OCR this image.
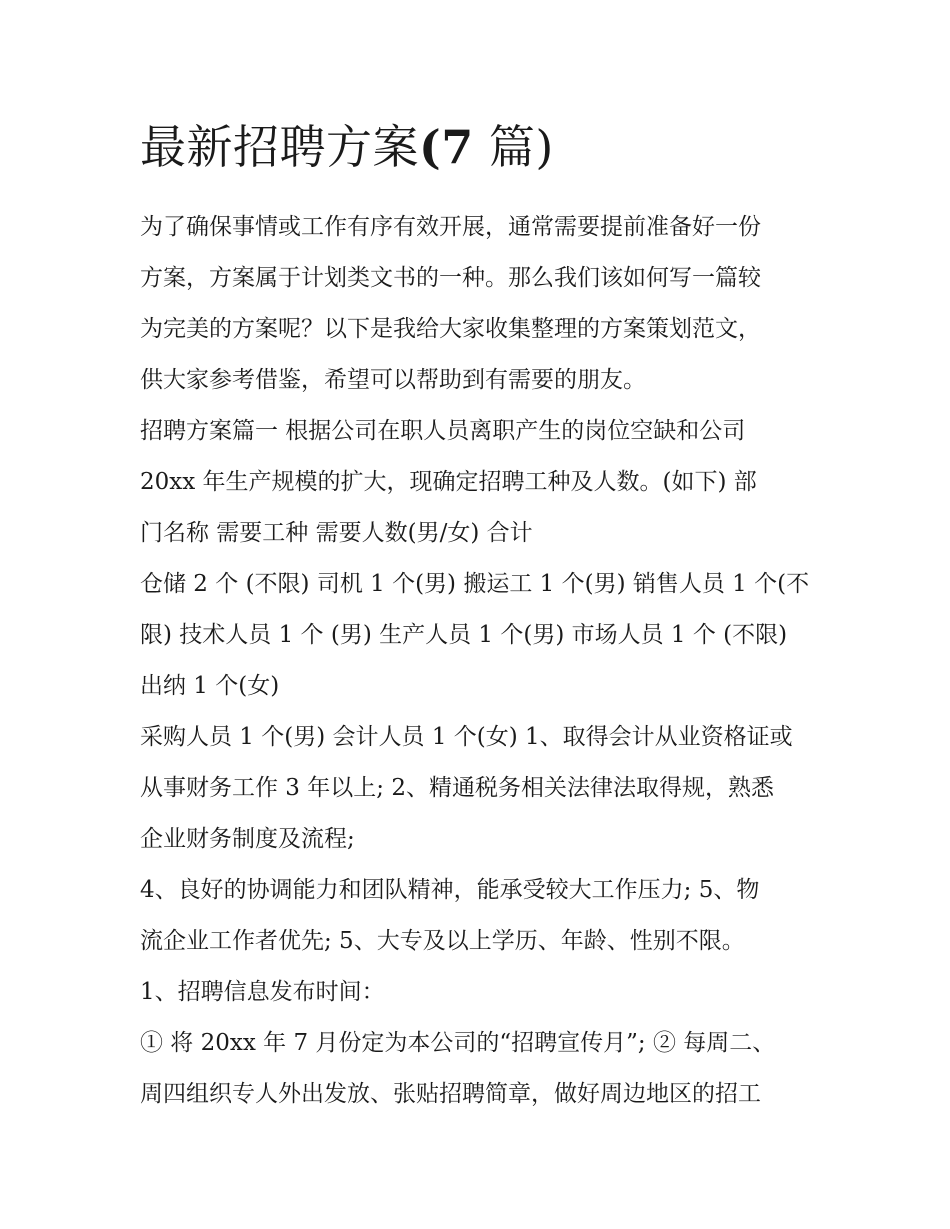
最新招聘方案(7 篇)

为了确保事情或工作有序有效开展，通常需要提前准备好一份

方案，方案属于计划类文书的一种。那么我们该如何写一篇较

为完美的方案呢？以下是我给大家收集整理的方案策划范文，

供大家参考借鉴，希望可以帮助到有需要的朋友。

招聘方案篇一 根据公司在职人员离职产生的岗位空缺和公司

20xx 年生产规模的扩大，现确定招聘工种及人数。(如下) 部

门名称 需要工种 需要人数(男/女) 合计

仓储 2 个 (不限) 司机 1 个(男) 搬运工 1 个(男) 销售人员 1 个(不

限) 技术人员 1 个 (男) 生产人员 1 个(男) 市场人员 1 个 (不限)

出纳 1 个(女)

采购人员 1 个(男) 会计人员 1 个(女) 1、取得会计从业资格证或

从事财务工作 3 年以上; 2、精通税务相关法律法取得规，熟悉

企业财务制度及流程;

4、良好的协调能力和团队精神，能承受较大工作压力; 5、物

流企业工作者优先; 5、大专及以上学历、年龄、性别不限。

1、招聘信息发布时间：

① 将 20xx 年 7 月份定为本公司的“招聘宣传月”; ② 每周二、

周四组织专人外出发放、张贴招聘简章，做好周边地区的招工
